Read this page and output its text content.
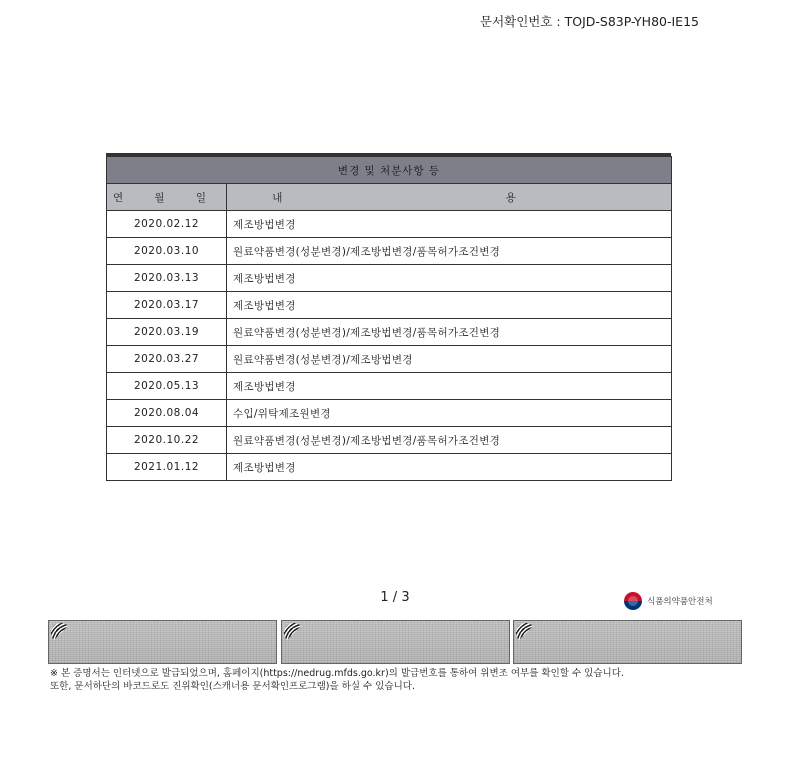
문서확인번호 : TOJD-S83P-YH80-IE15
변경 및 처분사항 등	
연 월 일	내 용
2020.02.12	제조방법변경
2020.03.10	원료약품변경(성분변경)/제조방법변경/품목허가조건변경
2020.03.13	제조방법변경
2020.03.17	제조방법변경
2020.03.19	원료약품변경(성분변경)/제조방법변경/품목허가조건변경
2020.03.27	원료약품변경(성분변경)/제조방법변경
2020.05.13	제조방법변경
2020.08.04	수입/위탁제조원변경
2020.10.22	원료약품변경(성분변경)/제조방법변경/품목허가조건변경
2021.01.12	제조방법변경
1 / 3	식품의약품안전처
※ 본 증명서는 인터넷으로 발급되었으며, 홈페이지(https://nedrug.mfds.go.kr)의 발급번호를 통하여 위변조 여부를 확인할 수 있습니다.
또한, 문서하단의 바코드로도 진위확인(스캐너용 문서확인프로그램)을 하실 수 있습니다.
